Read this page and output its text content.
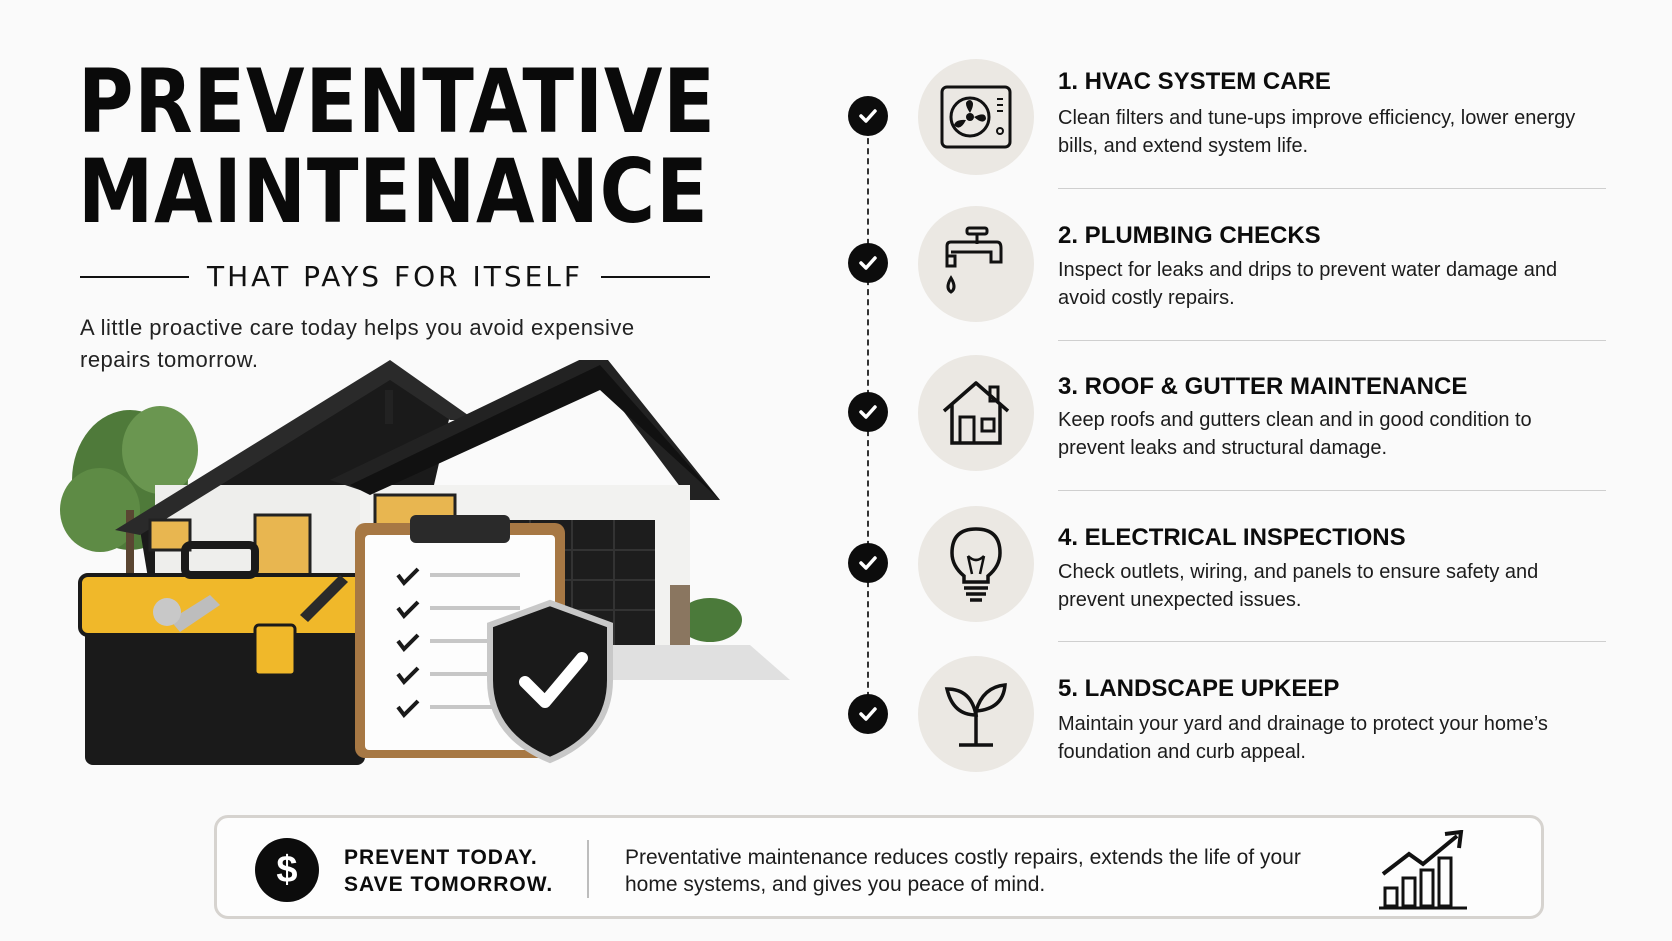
PREVENTATIVE
MAINTENANCE
THAT PAYS FOR ITSELF
A little proactive care today helps you avoid expensive repairs tomorrow.
1. HVAC SYSTEM CARE
Clean filters and tune-ups improve efficiency, lower energy bills, and extend system life.
2. PLUMBING CHECKS
Inspect for leaks and drips to prevent water damage and avoid costly repairs.
3. ROOF & GUTTER MAINTENANCE
Keep roofs and gutters clean and in good condition to prevent leaks and structural damage.
4. ELECTRICAL INSPECTIONS
Check outlets, wiring, and panels to ensure safety and prevent unexpected issues.
5. LANDSCAPE UPKEEP
Maintain your yard and drainage to protect your home’s foundation and curb appeal.
$	PREVENT TODAY.
SAVE TOMORROW.
Preventative maintenance reduces costly repairs, extends the life of your home systems, and gives you peace of mind.
